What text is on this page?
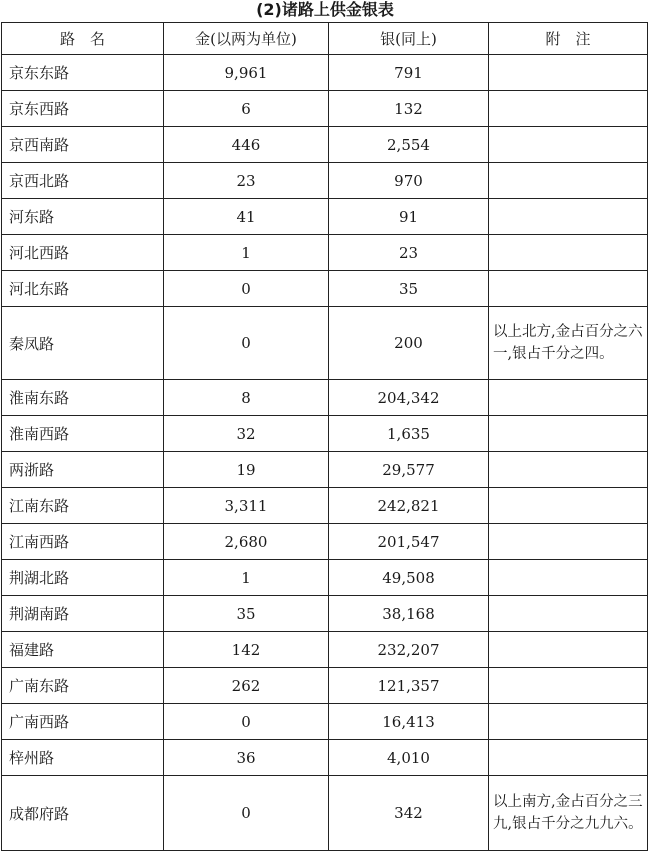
(2)诸路上供金银表
路　名	金(以两为单位)	银(同上)	附　注
京东东路	9,961	791	
京东西路	6	132	
京西南路	446	2,554	
京西北路	23	970	
河东路	41	91	
河北西路	1	23	
河北东路	0	35	
秦凤路	0	200	以上北方,金占百分之六一,银占千分之四。
淮南东路	8	204,342	
淮南西路	32	1,635	
两浙路	19	29,577	
江南东路	3,311	242,821	
江南西路	2,680	201,547	
荆湖北路	1	49,508	
荆湖南路	35	38,168	
福建路	142	232,207	
广南东路	262	121,357	
广南西路	0	16,413	
梓州路	36	4,010	
成都府路	0	342	以上南方,金占百分之三九,银占千分之九九六。
